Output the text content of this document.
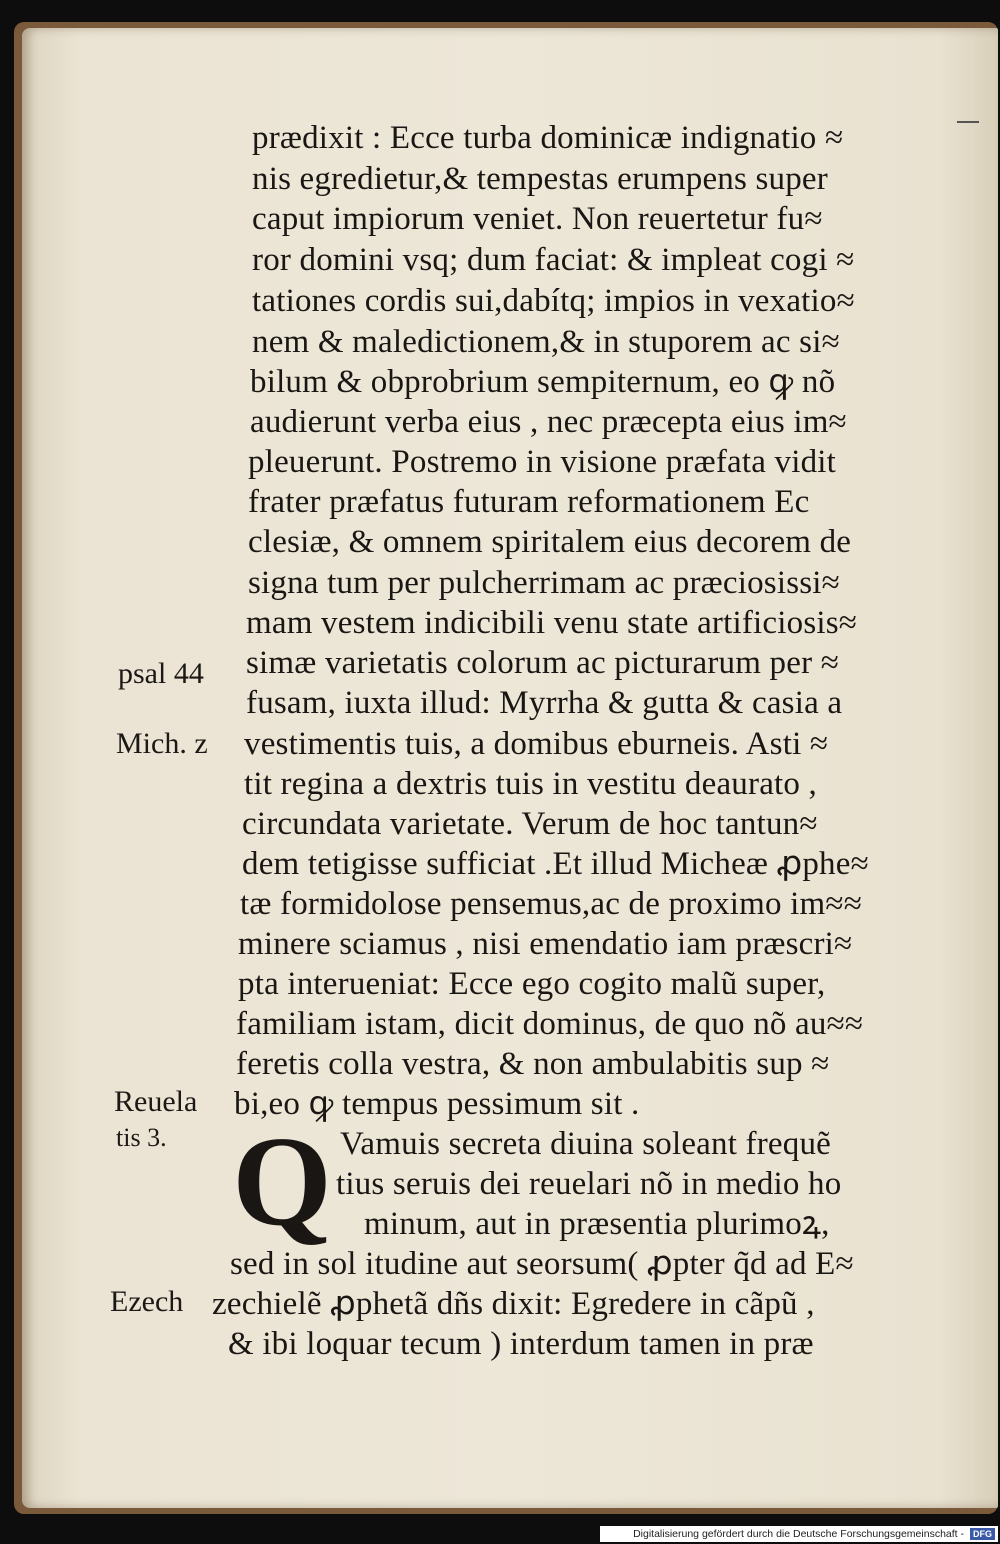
prædixit : Ecce turba dominicæ indignatio ≈
nis egredietur,& tempestas erumpens super
caput impiorum veniet. Non reuertetur fu≈
ror domini vsq; dum faciat: & impleat cogi ≈
tationes cordis sui,dabítq; impios in vexatio≈
nem & maledictionem,& in stuporem ac si≈
bilum & obprobrium sempiternum, eo ꝙ nõ
audierunt verba eius , nec præcepta eius im≈
pleuerunt. Postremo in visione præfata vidit
frater præfatus futuram reformationem Ec
clesiæ, & omnem spiritalem eius decorem de
signa tum per pulcherrimam ac præciosissi≈
mam vestem indicibili venu state artificiosis≈
simæ varietatis colorum ac picturarum per ≈
fusam, iuxta illud: Myrrha & gutta & casia a
vestimentis tuis, a domibus eburneis. Asti ≈
tit regina a dextris tuis in vestitu deaurato ,
circundata varietate. Verum de hoc tantun≈
dem tetigisse sufficiat .Et illud Micheæ ꝓphe≈
tæ formidolose pensemus,ac de proximo im≈≈
minere sciamus , nisi emendatio iam præscri≈
pta interueniat: Ecce ego cogito malũ super,
familiam istam, dicit dominus, de quo nõ au≈≈
feretis colla vestra, & non ambulabitis sup ≈
bi,eo ꝙ tempus pessimum sit .
Vamuis secreta diuina soleant frequẽ
tius seruis dei reuelari nõ in medio ho
minum, aut in præsentia plurimoꝝ,
sed in sol itudine aut seorsum( ꝓpter q̃d ad E≈
zechielẽ ꝓphetã dñs dixit: Egredere in cãpũ ,
& ibi loquar tecum ) interdum tamen in præ
Q
psal 44
Mich. z
Reuela
tis 3.
Ezech
Digitalisierung gefördert durch die Deutsche Forschungsgemeinschaft - DFG
